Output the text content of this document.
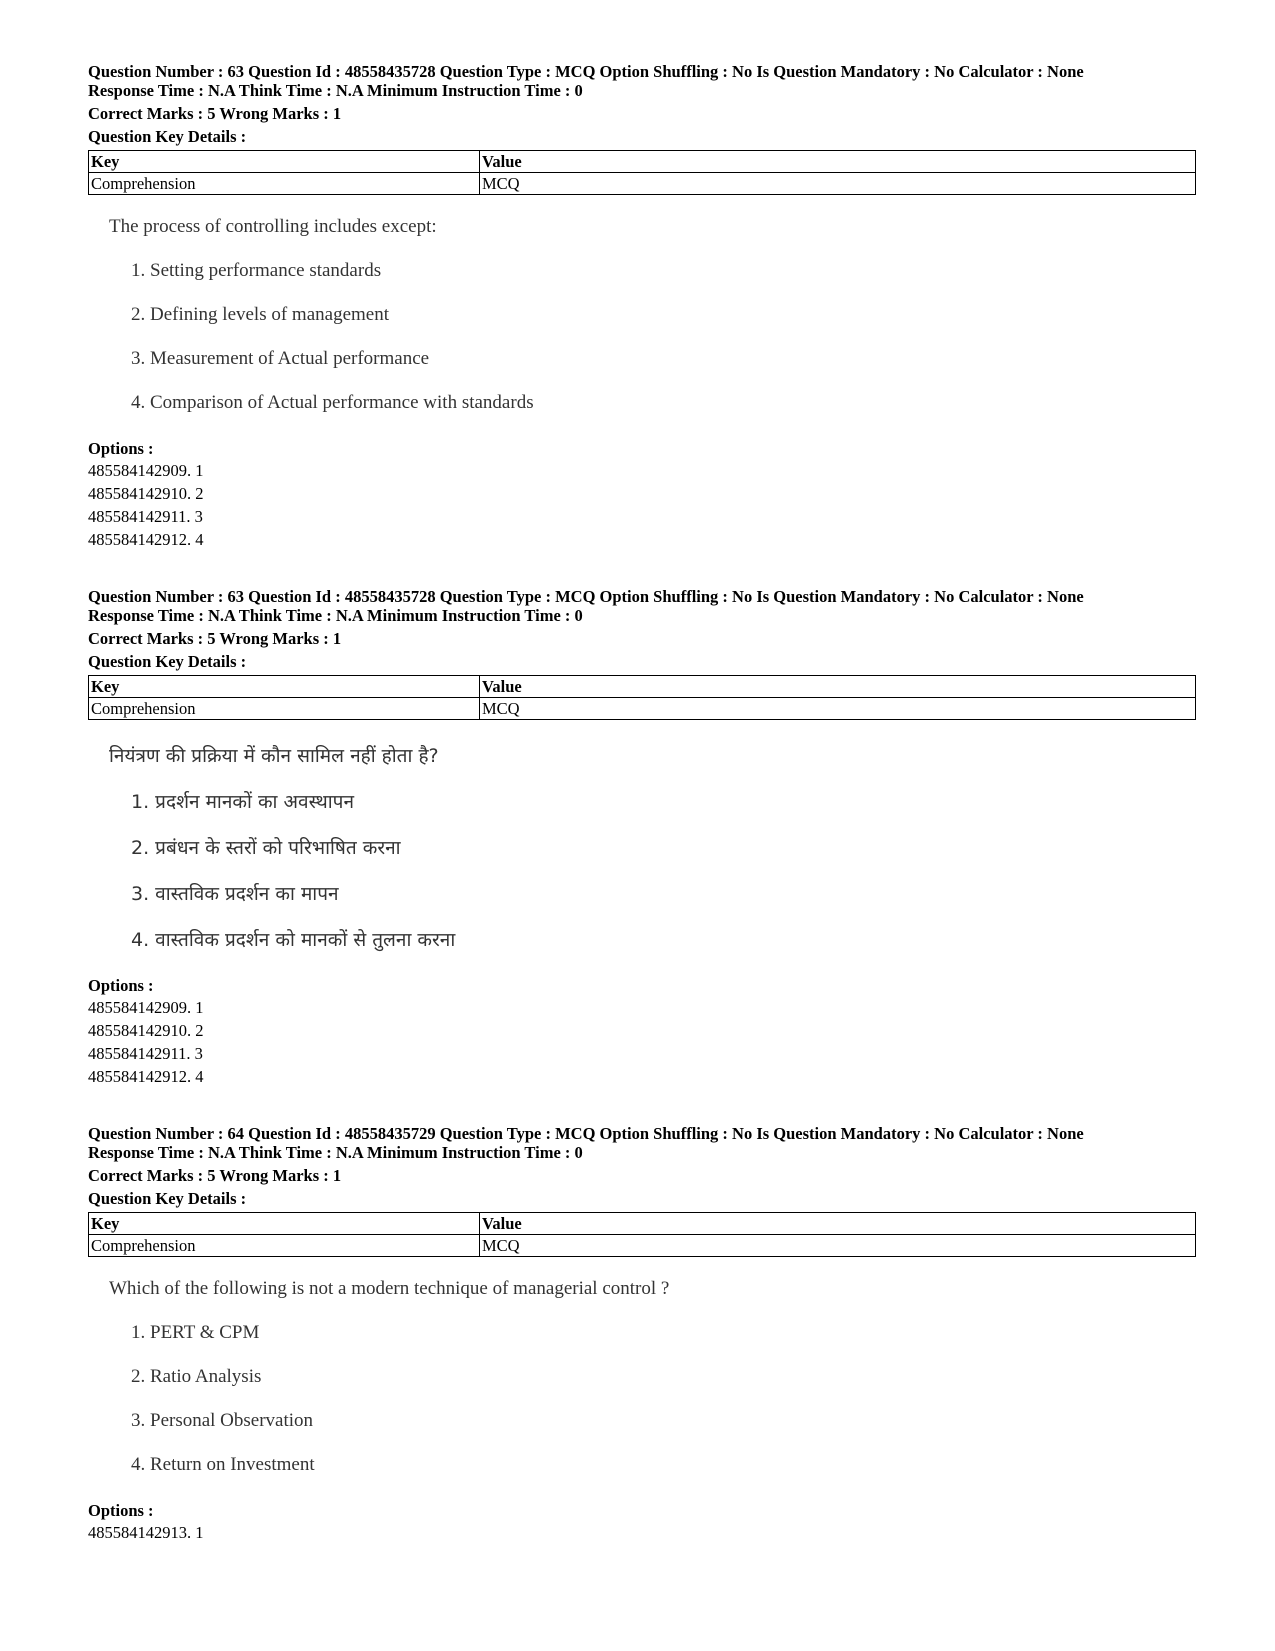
Question Number : 63 Question Id : 48558435728 Question Type : MCQ Option Shuffling : No Is Question Mandatory : No Calculator : None
Response Time : N.A Think Time : N.A Minimum Instruction Time : 0
Correct Marks : 5 Wrong Marks : 1
Question Key Details :
Key	Value
Comprehension	MCQ
The process of controlling includes except:
1. Setting performance standards
2. Defining levels of management
3. Measurement of Actual performance
4. Comparison of Actual performance with standards
Options :
485584142909. 1
485584142910. 2
485584142911. 3
485584142912. 4
Question Number : 63 Question Id : 48558435728 Question Type : MCQ Option Shuffling : No Is Question Mandatory : No Calculator : None
Response Time : N.A Think Time : N.A Minimum Instruction Time : 0
Correct Marks : 5 Wrong Marks : 1
Question Key Details :
Key	Value
Comprehension	MCQ
नियंत्रण की प्रक्रिया में कौन सामिल नहीं होता है?
1. प्रदर्शन मानकों का अवस्थापन
2. प्रबंधन के स्तरों को परिभाषित करना
3. वास्तविक प्रदर्शन का मापन
4. वास्तविक प्रदर्शन को मानकों से तुलना करना
Options :
485584142909. 1
485584142910. 2
485584142911. 3
485584142912. 4
Question Number : 64 Question Id : 48558435729 Question Type : MCQ Option Shuffling : No Is Question Mandatory : No Calculator : None
Response Time : N.A Think Time : N.A Minimum Instruction Time : 0
Correct Marks : 5 Wrong Marks : 1
Question Key Details :
Key	Value
Comprehension	MCQ
Which of the following is not a modern technique of managerial control ?
1. PERT & CPM
2. Ratio Analysis
3. Personal Observation
4. Return on Investment
Options :
485584142913. 1
